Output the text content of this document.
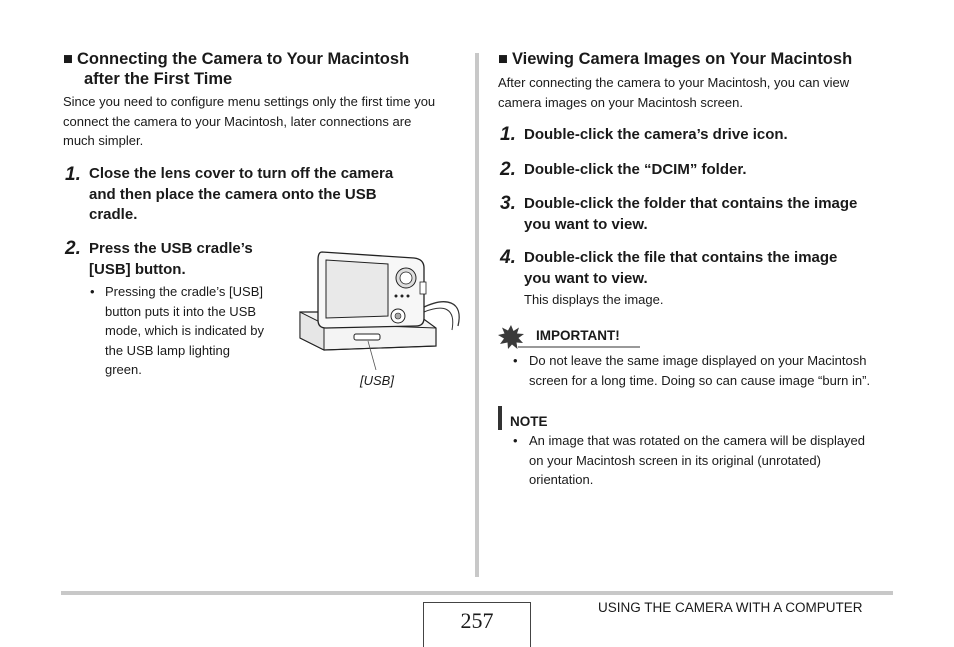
■ Connecting the Camera to Your Macintosh
after the First Time
Since you need to configure menu settings only the first time you
connect the camera to your Macintosh, later connections are
much simpler.
1. Close the lens cover to turn off the camera
and then place the camera onto the USB
cradle.
2. Press the USB cradle’s
[USB] button.
• Pressing the cradle’s [USB]
button puts it into the USB
mode, which is indicated by
the USB lamp lighting
green.
[USB]
■ Viewing Camera Images on Your Macintosh
After connecting the camera to your Macintosh, you can view
camera images on your Macintosh screen.
1. Double-click the camera’s drive icon.
2. Double-click the “DCIM” folder.
3. Double-click the folder that contains the image
you want to view.
4. Double-click the file that contains the image
you want to view.
This displays the image.
IMPORTANT!
• Do not leave the same image displayed on your Macintosh
screen for a long time. Doing so can cause image “burn in”.
NOTE
• An image that was rotated on the camera will be displayed
on your Macintosh screen in its original (unrotated)
orientation.
257
USING THE CAMERA WITH A COMPUTER
